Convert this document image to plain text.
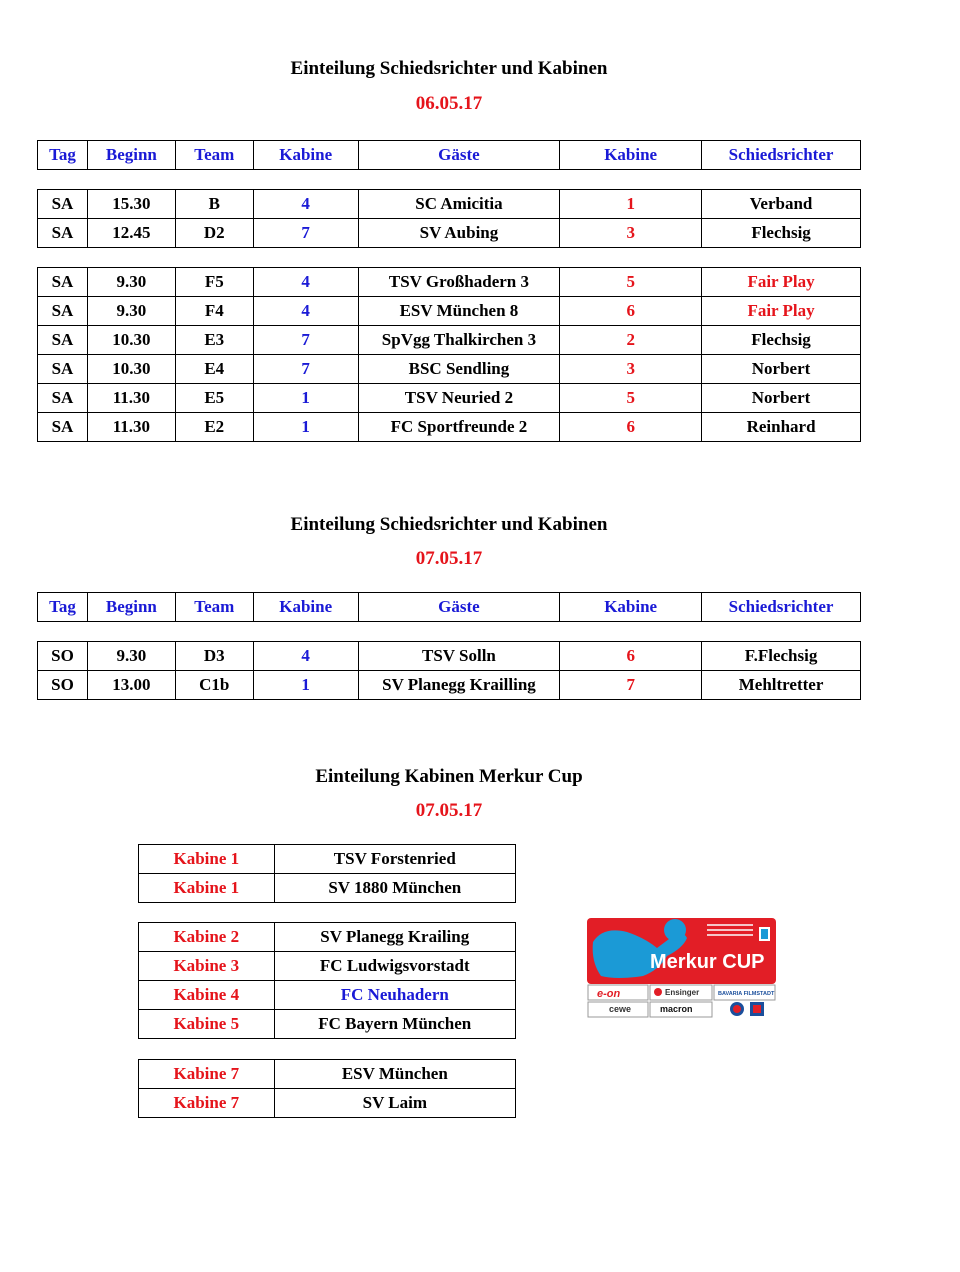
Einteilung Schiedsrichter und Kabinen
06.05.17
Tag	Beginn	Team	Kabine	Gäste	Kabine	Schiedsrichter
SA	15.30	B	4	SC Amicitia	1	Verband
SA	12.45	D2	7	SV Aubing	3	Flechsig
SA	9.30	F5	4	TSV Großhadern 3	5	Fair Play
SA	9.30	F4	4	ESV München 8	6	Fair Play
SA	10.30	E3	7	SpVgg Thalkirchen 3	2	Flechsig
SA	10.30	E4	7	BSC Sendling	3	Norbert
SA	11.30	E5	1	TSV Neuried 2	5	Norbert
SA	11.30	E2	1	FC Sportfreunde 2	6	Reinhard
Einteilung Schiedsrichter und Kabinen
07.05.17
Tag	Beginn	Team	Kabine	Gäste	Kabine	Schiedsrichter
SO	9.30	D3	4	TSV Solln	6	F.Flechsig
SO	13.00	C1b	1	SV Planegg Krailling	7	Mehltretter
Einteilung Kabinen Merkur Cup
07.05.17
Kabine 1	TSV Forstenried
Kabine 1	SV 1880 München
Kabine 2	SV Planegg Krailing
Kabine 3	FC Ludwigsvorstadt
Kabine 4	FC Neuhadern
Kabine 5	FC Bayern München
Kabine 7	ESV München
Kabine 7	SV Laim
Merkur CUP
e-on	Ensinger	BAVARIA FILMSTADT
cewe	macron
